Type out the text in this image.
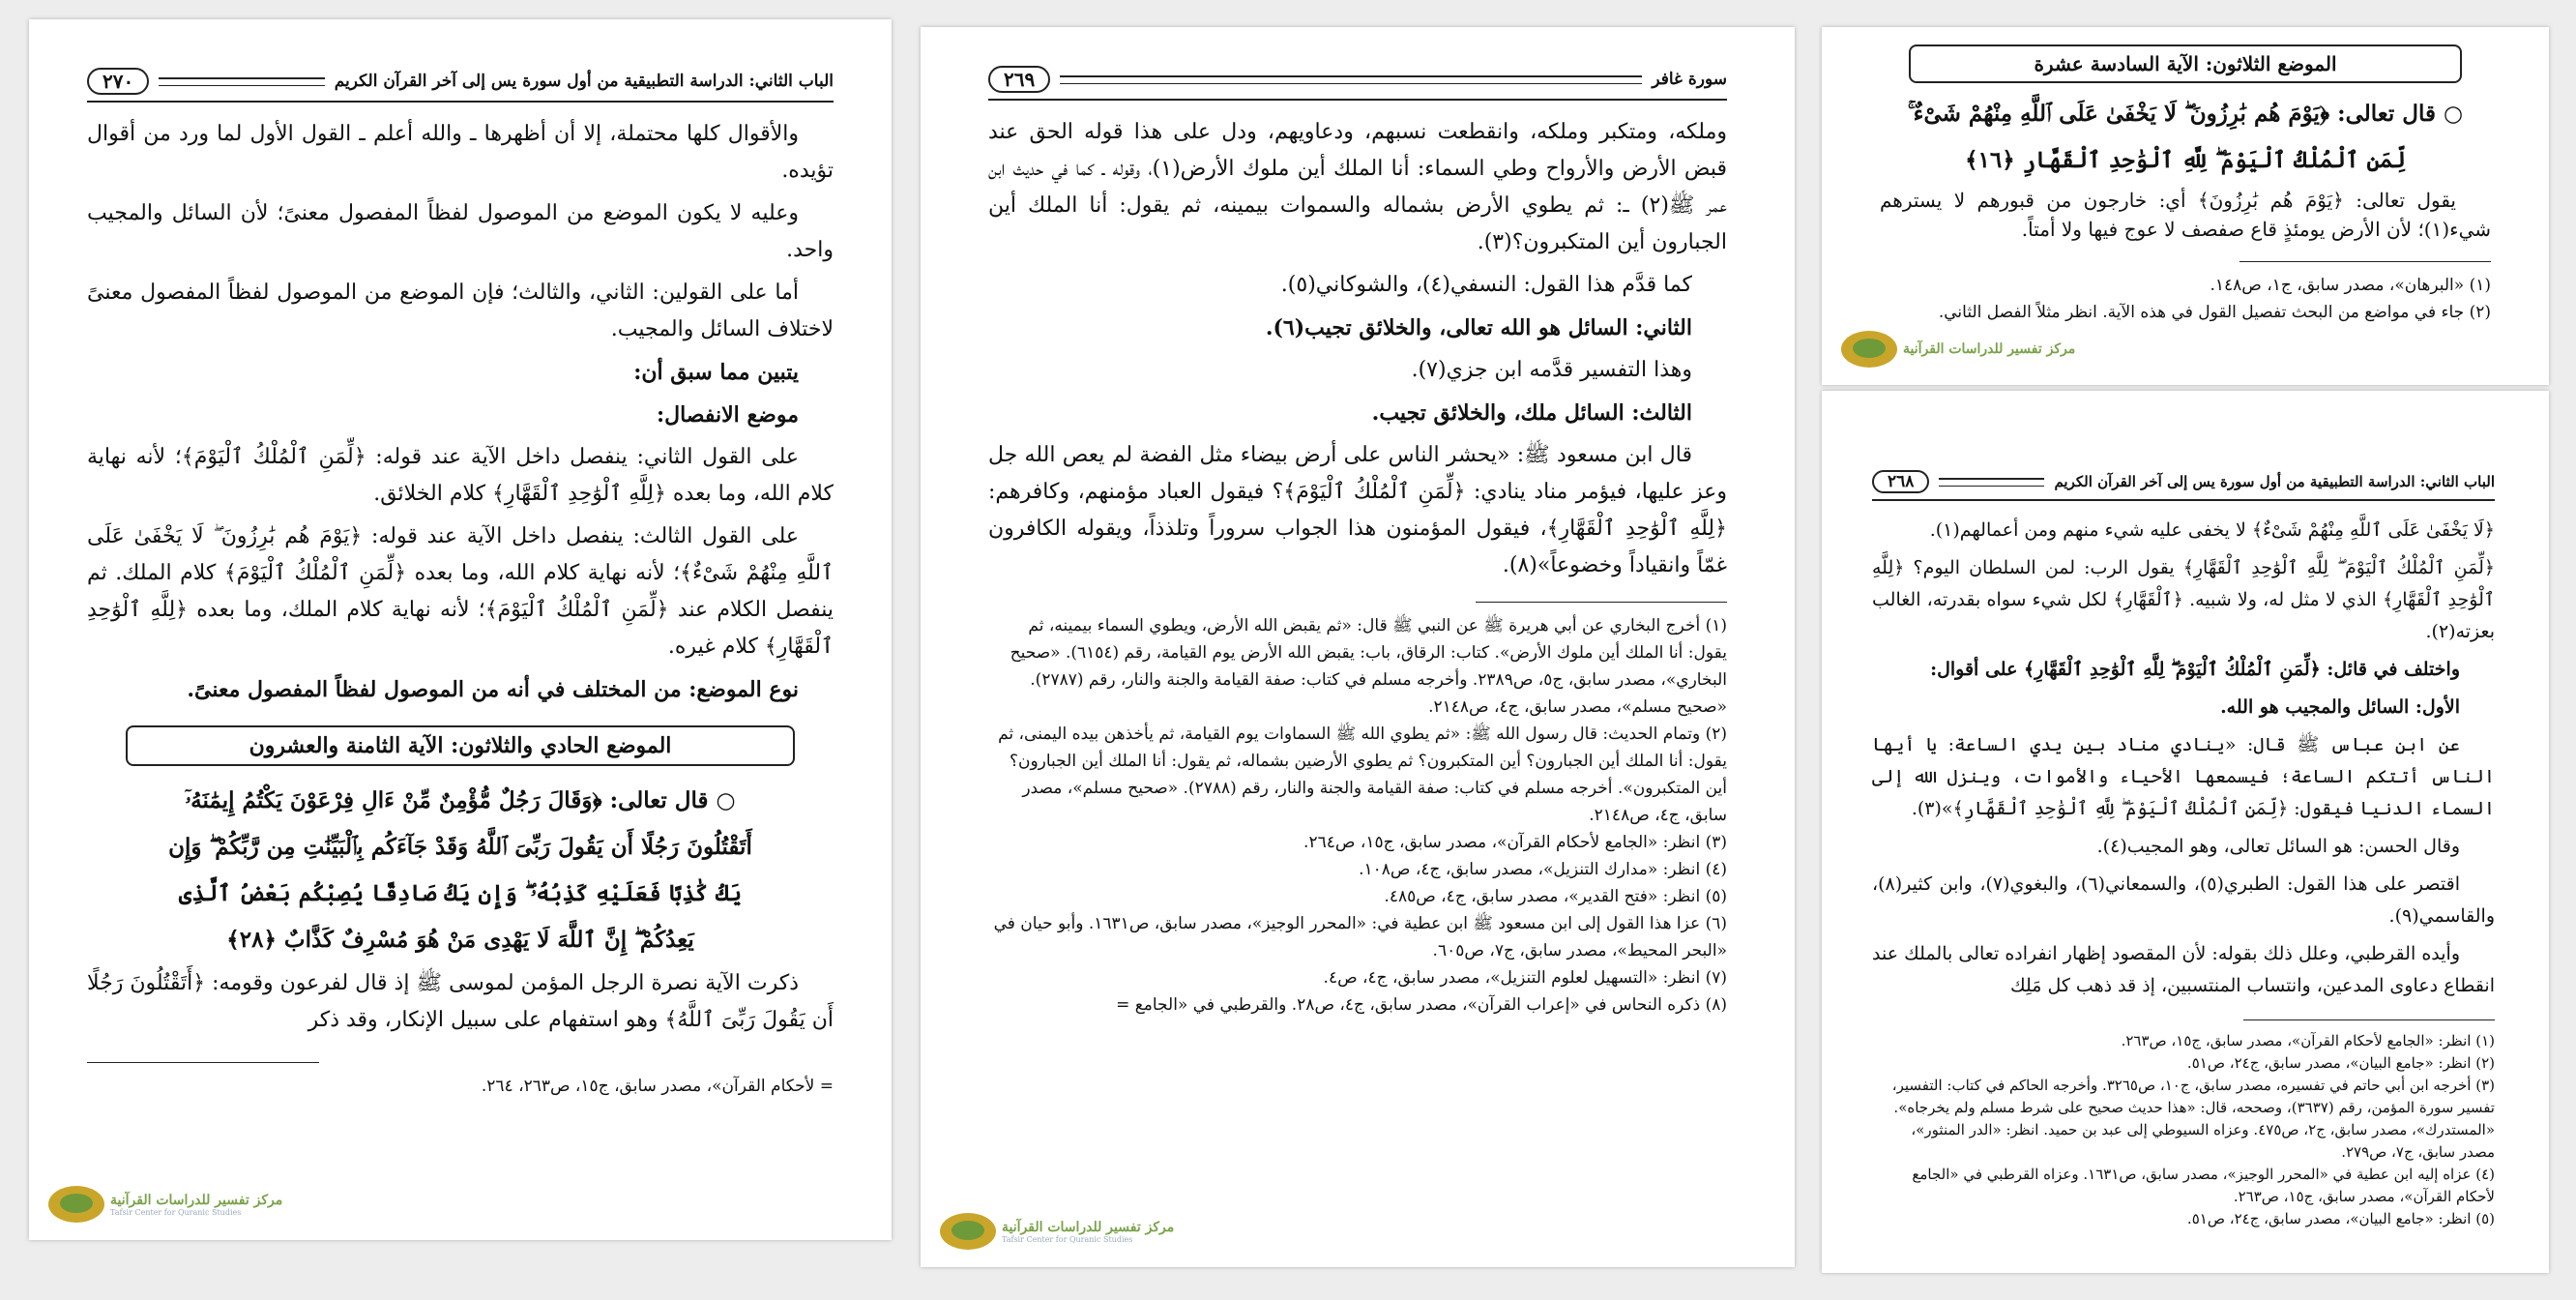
الباب الثاني: الدراسة التطبيقية من أول سورة يس إلى آخر القرآن الكريم
٢٧٠

والأقوال كلها محتملة، إلا أن أظهرها ـ والله أعلم ـ القول الأول لما ورد من أقوال تؤيده.

وعليه لا يكون الموضع من الموصول لفظاً المفصول معنىً؛ لأن السائل والمجيب واحد.

أما على القولين: الثاني، والثالث؛ فإن الموضع من الموصول لفظاً المفصول معنىً لاختلاف السائل والمجيب.

يتبين مما سبق أن:

موضع الانفصال:

على القول الثاني: ينفصل داخل الآية عند قوله: ﴿لِّمَنِ ٱلْمُلْكُ ٱلْيَوْمَ﴾؛ لأنه نهاية كلام الله، وما بعده ﴿لِلَّهِ ٱلْوَٰحِدِ ٱلْقَهَّارِ﴾ كلام الخلائق.

على القول الثالث: ينفصل داخل الآية عند قوله: ﴿يَوْمَ هُم بَٰرِزُونَ ۖ لَا يَخْفَىٰ عَلَى ٱللَّهِ مِنْهُمْ شَىْءٌ﴾؛ لأنه نهاية كلام الله، وما بعده ﴿لِّمَنِ ٱلْمُلْكُ ٱلْيَوْمَ﴾ كلام الملك. ثم ينفصل الكلام عند ﴿لِّمَنِ ٱلْمُلْكُ ٱلْيَوْمَ﴾؛ لأنه نهاية كلام الملك، وما بعده ﴿لِلَّهِ ٱلْوَٰحِدِ ٱلْقَهَّارِ﴾ كلام غيره.

نوع الموضع: من المختلف في أنه من الموصول لفظاً المفصول معنىً.

الموضع الحادي والثلاثون: الآية الثامنة والعشرون
○ قال تعالى: ﴿وَقَالَ رَجُلٌ مُّؤْمِنٌ مِّنْ ءَالِ فِرْعَوْنَ يَكْتُمُ إِيمَٰنَهُۥٓ
أَتَقْتُلُونَ رَجُلًا أَن يَقُولَ رَبِّىَ ٱللَّهُ وَقَدْ جَآءَكُم بِٱلْبَيِّنَٰتِ مِن رَّبِّكُمْ ۖ وَإِن
يَكُ كَٰذِبًا فَعَلَيْهِ كَذِبُهُۥ ۖ وَإِن يَكُ صَادِقًا يُصِبْكُم بَعْضُ ٱلَّذِى
يَعِدُكُمْ ۖ إِنَّ ٱللَّهَ لَا يَهْدِى مَنْ هُوَ مُسْرِفٌ كَذَّابٌ ﴿٢٨﴾

ذكرت الآية نصرة الرجل المؤمن لموسى ﷺ إذ قال لفرعون وقومه: ﴿أَتَقْتُلُونَ رَجُلًا أَن يَقُولَ رَبِّىَ ٱللَّهُ﴾ وهو استفهام على سبيل الإنكار، وقد ذكر

= لأحكام القرآن»، مصدر سابق، ج١٥، ص٢٦٣، ٢٦٤.
مركز تفسير للدراسات القرآنية
Tafsir Center for Quranic Studies
سورة غافر
٢٦٩

وملكه، ومتكبر وملكه، وانقطعت نسبهم، ودعاويهم، ودل على هذا قوله الحق عند قبض الأرض والأرواح وطي السماء: أنا الملك أين ملوك الأرض(١)، وقوله ـ كما في حديث ابن عمر ﷺ(٢) ـ: ثم يطوي الأرض بشماله والسموات بيمينه، ثم يقول: أنا الملك أين الجبارون أين المتكبرون؟(٣).

كما قدَّم هذا القول: النسفي(٤)، والشوكاني(٥).

الثاني: السائل هو الله تعالى، والخلائق تجيب(٦).

وهذا التفسير قدَّمه ابن جزي(٧).

الثالث: السائل ملك، والخلائق تجيب.

قال ابن مسعود ﷺ: «يحشر الناس على أرض بيضاء مثل الفضة لم يعص الله جل وعز عليها، فيؤمر مناد ينادي: ﴿لِّمَنِ ٱلْمُلْكُ ٱلْيَوْمَ﴾؟ فيقول العباد مؤمنهم، وكافرهم: ﴿لِلَّهِ ٱلْوَٰحِدِ ٱلْقَهَّارِ﴾، فيقول المؤمنون هذا الجواب سروراً وتلذذاً، ويقوله الكافرون غمّاً وانقياداً وخضوعاً»(٨).

(١) أخرج البخاري عن أبي هريرة ﷺ عن النبي ﷺ قال: «ثم يقبض الله الأرض، ويطوي السماء بيمينه، ثم يقول: أنا الملك أين ملوك الأرض». كتاب: الرقاق، باب: يقبض الله الأرض يوم القيامة، رقم (٦١٥٤). «صحيح البخاري»، مصدر سابق، ج٥، ص٢٣٨٩. وأخرجه مسلم في كتاب: صفة القيامة والجنة والنار، رقم (٢٧٨٧). «صحيح مسلم»، مصدر سابق، ج٤، ص٢١٤٨.
(٢) وتمام الحديث: قال رسول الله ﷺ: «ثم يطوي الله ﷺ السماوات يوم القيامة، ثم يأخذهن بيده اليمنى، ثم يقول: أنا الملك أين الجبارون؟ أين المتكبرون؟ ثم يطوي الأرضين بشماله، ثم يقول: أنا الملك أين الجبارون؟ أين المتكبرون». أخرجه مسلم في كتاب: صفة القيامة والجنة والنار، رقم (٢٧٨٨). «صحيح مسلم»، مصدر سابق، ج٤، ص٢١٤٨.
(٣) انظر: «الجامع لأحكام القرآن»، مصدر سابق، ج١٥، ص٢٦٤.
(٤) انظر: «مدارك التنزيل»، مصدر سابق، ج٤، ص١٠٨.
(٥) انظر: «فتح القدير»، مصدر سابق، ج٤، ص٤٨٥.
(٦) عزا هذا القول إلى ابن مسعود ﷺ ابن عطية في: «المحرر الوجيز»، مصدر سابق، ص١٦٣١. وأبو حيان في «البحر المحيط»، مصدر سابق، ج٧، ص٦٠٥.
(٧) انظر: «التسهيل لعلوم التنزيل»، مصدر سابق، ج٤، ص٤.
(٨) ذكره النحاس في «إعراب القرآن»، مصدر سابق، ج٤، ص٢٨. والقرطبي في «الجامع =
مركز تفسير للدراسات القرآنية
Tafsir Center for Quranic Studies
الموضع الثلاثون: الآية السادسة عشرة
○ قال تعالى: ﴿يَوْمَ هُم بَٰرِزُونَ ۖ لَا يَخْفَىٰ عَلَى ٱللَّهِ مِنْهُمْ شَىْءٌ ۚ
لِّمَنِ ٱلْمُلْكُ ٱلْيَوْمَ ۖ لِلَّهِ ٱلْوَٰحِدِ ٱلْقَهَّارِ ﴿١٦﴾

يقول تعالى: ﴿يَوْمَ هُم بَٰرِزُونَ﴾ أي: خارجون من قبورهم لا يسترهم شيء(١)؛ لأن الأرض يومئذٍ قاع صفصف لا عوج فيها ولا أمتاً.

(١) «البرهان»، مصدر سابق، ج١، ص١٤٨.
(٢) جاء في مواضع من البحث تفصيل القول في هذه الآية. انظر مثلاً الفصل الثاني.
مركز تفسير للدراسات القرآنية
الباب الثاني: الدراسة التطبيقية من أول سورة يس إلى آخر القرآن الكريم
٢٦٨

﴿لَا يَخْفَىٰ عَلَى ٱللَّهِ مِنْهُمْ شَىْءٌ﴾ لا يخفى عليه شيء منهم ومن أعمالهم(١).

﴿لِّمَنِ ٱلْمُلْكُ ٱلْيَوْمَ ۖ لِلَّهِ ٱلْوَٰحِدِ ٱلْقَهَّارِ﴾ يقول الرب: لمن السلطان اليوم؟ ﴿لِلَّهِ ٱلْوَٰحِدِ ٱلْقَهَّارِ﴾ الذي لا مثل له، ولا شبيه. ﴿ٱلْقَهَّارِ﴾ لكل شيء سواه بقدرته، الغالب بعزته(٢).

واختلف في قائل: ﴿لِّمَنِ ٱلْمُلْكُ ٱلْيَوْمَ ۖ لِلَّهِ ٱلْوَٰحِدِ ٱلْقَهَّارِ﴾ على أقوال:

الأول: السائل والمجيب هو الله.

عن ابن عباس ﷺ قال: «ينادي مناد بين يدي الساعة: يا أيها الناس أتتكم الساعة؛ فيسمعها الأحياء والأموات، وينزل الله إلى السماء الدنيا فيقول: ﴿لِّمَنِ ٱلْمُلْكُ ٱلْيَوْمَ ۖ لِلَّهِ ٱلْوَٰحِدِ ٱلْقَهَّارِ﴾»(٣).

وقال الحسن: هو السائل تعالى، وهو المجيب(٤).

اقتصر على هذا القول: الطبري(٥)، والسمعاني(٦)، والبغوي(٧)، وابن كثير(٨)، والقاسمي(٩).

وأيده القرطبي، وعلل ذلك بقوله: لأن المقصود إظهار انفراده تعالى بالملك عند انقطاع دعاوى المدعين، وانتساب المنتسبين، إذ قد ذهب كل مَلِك

(١) انظر: «الجامع لأحكام القرآن»، مصدر سابق، ج١٥، ص٢٦٣.
(٢) انظر: «جامع البيان»، مصدر سابق، ج٢٤، ص٥١.
(٣) أخرجه ابن أبي حاتم في تفسيره، مصدر سابق، ج١٠، ص٣٢٦٥. وأخرجه الحاكم في كتاب: التفسير، تفسير سورة المؤمن، رقم (٣٦٣٧)، وصححه، قال: «هذا حديث صحيح على شرط مسلم ولم يخرجاه». «المستدرك»، مصدر سابق، ج٢، ص٤٧٥. وعزاه السيوطي إلى عبد بن حميد. انظر: «الدر المنثور»، مصدر سابق، ج٧، ص٢٧٩.
(٤) عزاه إليه ابن عطية في «المحرر الوجيز»، مصدر سابق، ص١٦٣١. وعزاه القرطبي في «الجامع لأحكام القرآن»، مصدر سابق، ج١٥، ص٢٦٣.
(٥) انظر: «جامع البيان»، مصدر سابق، ج٢٤، ص٥١.
